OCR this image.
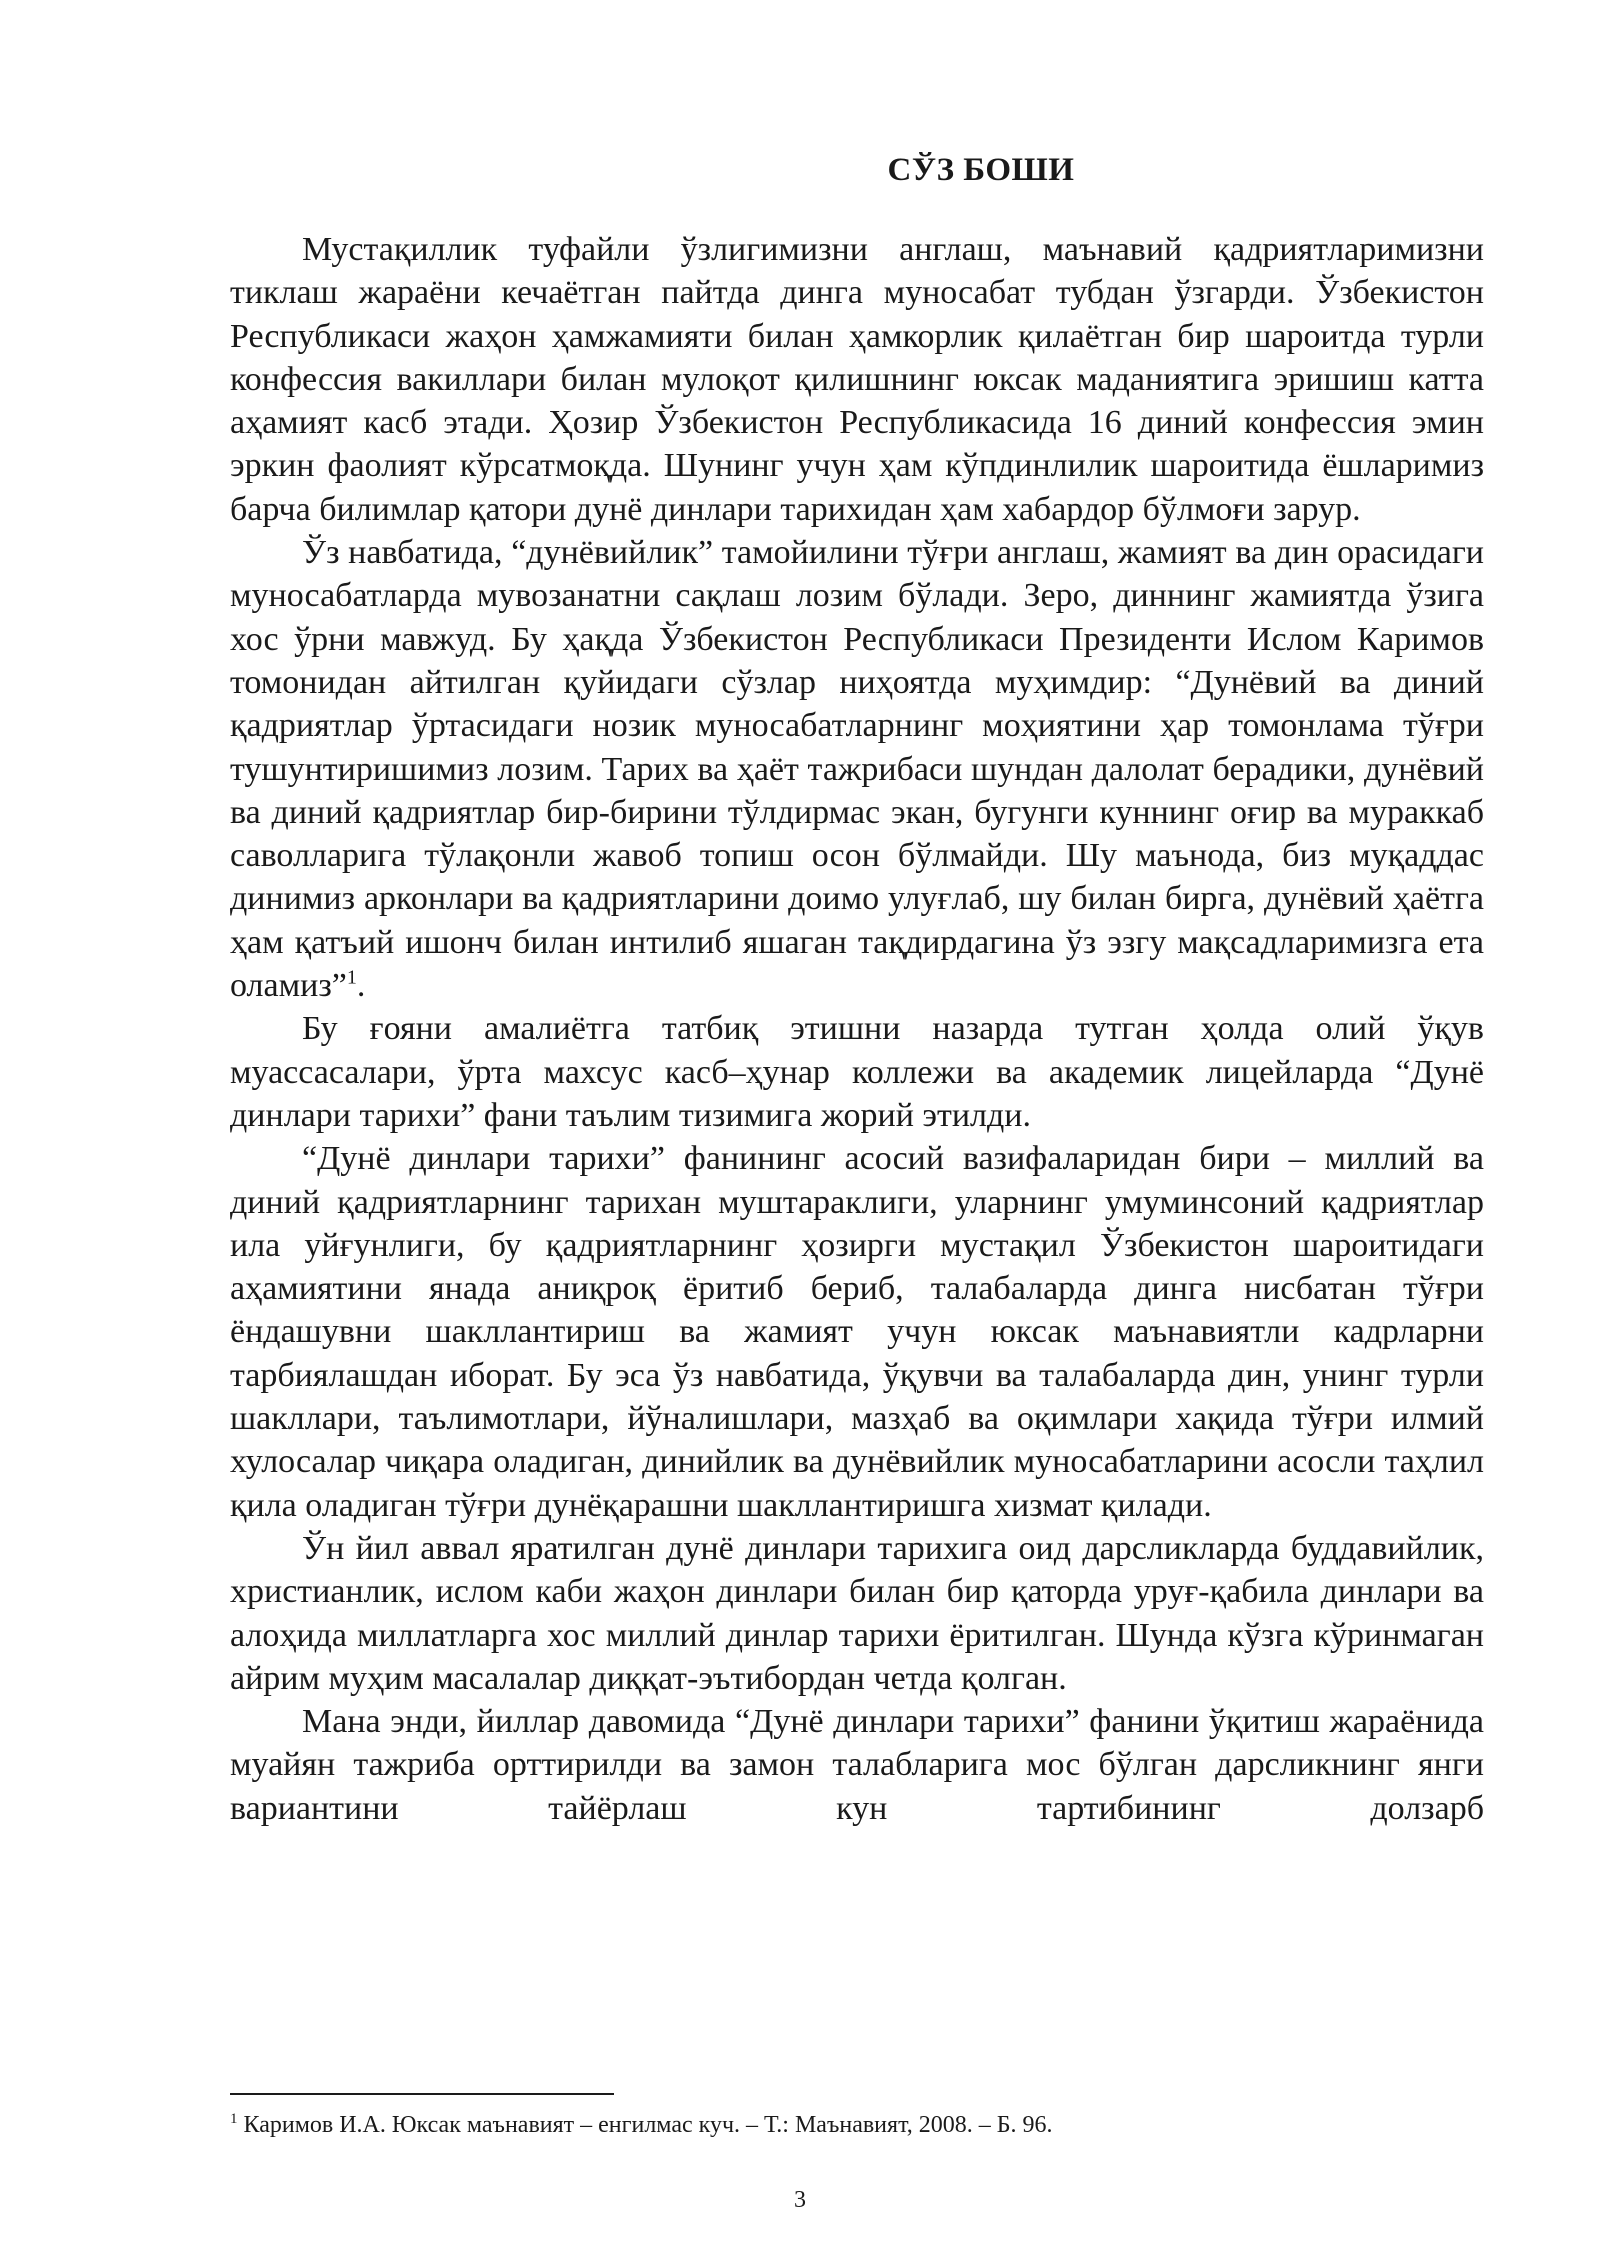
СЎЗ БОШИ

Мустақиллик туфайли ўзлигимизни англаш, маънавий қадриятларимизни тиклаш жараёни кечаётган пайтда динга муносабат тубдан ўзгарди. Ўзбекистон Республикаси жаҳон ҳамжамияти билан ҳамкорлик қилаётган бир шароитда турли конфессия вакиллари билан мулоқот қилишнинг юксак маданиятига эришиш катта аҳамият касб этади. Ҳозир Ўзбекистон Республикасида 16 диний конфессия эмин эркин фаолият кўрсатмоқда. Шунинг учун ҳам кўпдинлилик шароитида ёшларимиз барча билимлар қатори дунё динлари тарихидан ҳам хабардор бўлмоғи зарур.

Ўз навбатида, “дунёвийлик” тамойилини тўғри англаш, жамият ва дин орасидаги муносабатларда мувозанатни сақлаш лозим бўлади. Зеро, диннинг жамиятда ўзига хос ўрни мавжуд. Бу ҳақда Ўзбекистон Республикаси Президенти Ислом Каримов томонидан айтилган қуйидаги сўзлар ниҳоятда муҳимдир: “Дунёвий ва диний қадриятлар ўртасидаги нозик муносабатларнинг моҳиятини ҳар томонлама тўғри тушунтиришимиз лозим. Тарих ва ҳаёт тажрибаси шундан далолат берадики, дунёвий ва диний қадриятлар бир-бирини тўлдирмас экан, бугунги куннинг оғир ва мураккаб саволларига тўлақонли жавоб топиш осон бўлмайди. Шу маънода, биз муқаддас динимиз арконлари ва қадриятларини доимо улуғлаб, шу билан бирга, дунёвий ҳаётга ҳам қатъий ишонч билан интилиб яшаган тақдирдагина ўз эзгу мақсадларимизга ета оламиз”$^1$.

Бу ғояни амалиётга татбиқ этишни назарда тутган ҳолда олий ўқув муассасалари, ўрта махсус касб–ҳунар коллежи ва академик лицейларда “Дунё динлари тарихи” фани таълим тизимига жорий этилди.

“Дунё динлари тарихи” фанининг асосий вазифаларидан бири – миллий ва диний қадриятларнинг тарихан муштараклиги, уларнинг умуминсоний қадриятлар ила уйғунлиги, бу қадриятларнинг ҳозирги мустақил Ўзбекистон шароитидаги аҳамиятини янада аниқроқ ёритиб бериб, талабаларда динга нисбатан тўғри ёндашувни шакллантириш ва жамият учун юксак маънавиятли кадрларни тарбиялашдан иборат. Бу эса ўз навбатида, ўқувчи ва талабаларда дин, унинг турли шакллари, таълимотлари, йўналишлари, мазҳаб ва оқимлари хақида тўғри илмий хулосалар чиқара оладиган, динийлик ва дунёвийлик муносабатларини асосли таҳлил қила оладиган тўғри дунёқарашни шакллантиришга хизмат қилади.

Ўн йил аввал яратилган дунё динлари тарихига оид дарсликларда буддавийлик, христианлик, ислом каби жаҳон динлари билан бир қаторда уруғ-қабила динлари ва алоҳида миллатларга хос миллий динлар тарихи ёритилган. Шунда кўзга кўринмаган айрим муҳим масалалар диққат-эътибордан четда қолган.

Мана энди, йиллар давомида “Дунё динлари тарихи” фанини ўқитиш жараёнида муайян тажриба орттирилди ва замон талабларига мос бўлган дарсликнинг янги вариантини тайёрлаш кун тартибининг долзарб

$^1$ Каримов И.А. Юксак маънавият – енгилмас куч. – Т.: Маънавият, 2008. – Б. 96.
3
